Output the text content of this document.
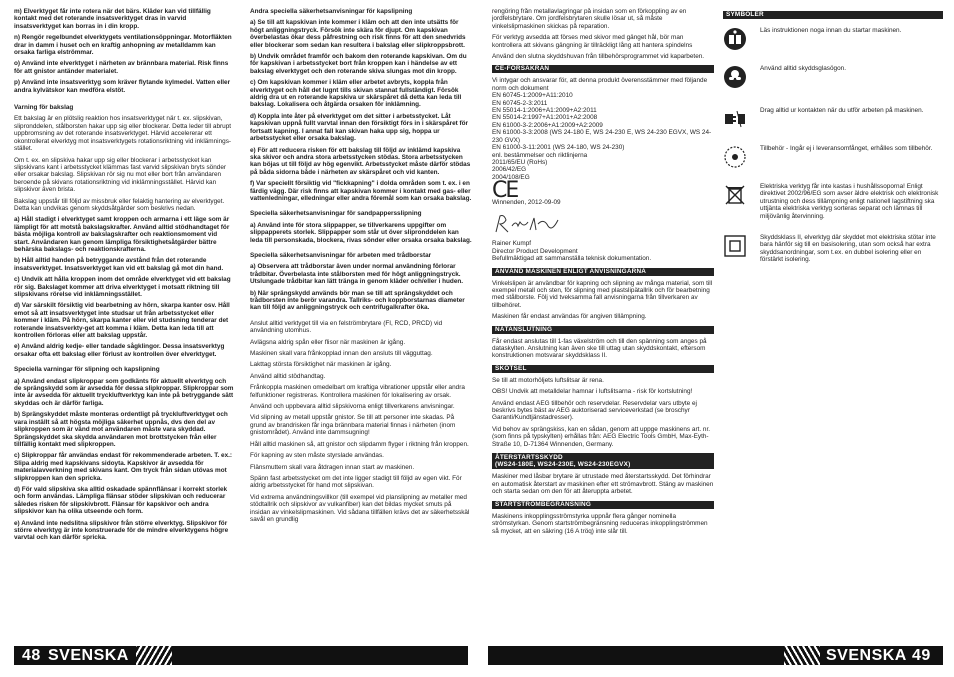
m) Elverktyget får inte rotera när det bärs. Kläder kan vid tillfällig kontakt med det roterande insatsverktyget dras in varvid insatsverktyget kan borras in i din kropp.

n) Rengör regelbundet elverktygets ventilationsöppningar. Motorfläkten drar in damm i huset och en kraftig anhopning av metalldamm kan orsaka farliga elströmmar.

o) Använd inte elverktyget i närheten av brännbara material. Risk finns för att gnistor antänder materialet.

p) Använd inte insatsverktyg som kräver flytande kylmedel. Vatten eller andra kylvätskor kan medföra elstöt.

Varning för bakslag

Ett bakslag är en plötslig reaktion hos insatsverktyget när t. ex. slipskivan, slipronddelen, stålborsten hakar upp sig eller blockerar. Detta leder till abrupt uppbromsning av det roterande insatsverktyget. Härvid accelererar ett okontrollerat elverktyg mot insatsverktygets rotationsriktning vid inklämnings-stället.

Om t. ex. en slipskiva hakar upp sig eller blockerar i arbetsstycket kan slipskivans kant i arbetsstycket klämmas fast varvid slipskivan bryts sönder eller orsakar bakslag. Slipskivan rör sig nu mot eller bort från användaren beroende på skivans rotationsriktning vid inklämningsstället. Härvid kan slipskivor även brista.

Bakslag uppstår till följd av missbruk eller felaktig hantering av elverktyget. Detta kan undvikas genom skyddsåtgärder som beskrivs nedan.

a) Håll stadigt i elverktyget samt kroppen och armarna i ett läge som är lämpligt för att motstå bakslagskrafter. Använd alltid stödhandtaget för bästa möjliga kontroll av bakslagskrafter och reaktionsmoment vid start. Användaren kan genom lämpliga försiktighetsåtgärder bättre behärska bakslags- och reaktionskrafterna.

b) Håll alltid handen på betryggande avstånd från det roterande insatsverktyget. Insatsverktyget kan vid ett bakslag gå mot din hand.

c) Undvik att hålla kroppen inom det område elverktyget vid ett bakslag rör sig. Bakslaget kommer att driva elverktyget i motsatt riktning till slipskivans rörelse vid inklämningsstället.

d) Var särskilt försiktig vid bearbetning av hörn, skarpa kanter osv. Håll emot så att insatsverktyget inte studsar ut från arbetsstycket eller kommer i kläm. På hörn, skarpa kanter eller vid studsning tenderar det roterande insatsverkty-get att komma i kläm. Detta kan leda till att kontrollen förloras eller att bakslag uppstår.

e) Använd aldrig kedje- eller tandade sågklingor. Dessa insatsverktyg orsakar ofta ett bakslag eller förlust av kontrollen över elverktyget.

Speciella varningar för slipning och kapslipning

a) Använd endast slipkroppar som godkänts för aktuellt elverktyg och de sprängskydd som är avsedda för dessa slipkroppar. Slipkroppar som inte är avsedda för aktuellt tryckluftverktyg kan inte på betryggande sätt skyddas och är därför farliga.

b) Sprängskyddet måste monteras ordentligt på tryckluftverktyget och vara inställt så att högsta möjliga säkerhet uppnås, dvs den del av slipkroppen som är vänd mot användaren måste vara skyddad. Sprängskyddet ska skydda användaren mot brottstycken från eller tillfällig kontakt med slipkroppen.

c) Slipkroppar får användas endast för rekommenderade arbeten. T. ex.: Slipa aldrig med kapskivans sidoyta. Kapskivor är avsedda för materialavverkning med skivans kant. Om tryck från sidan utövas mot slipkroppen kan den spricka.

d) För vald slipskiva ska alltid oskadade spännflänsar i korrekt storlek och form användas. Lämpliga flänsar stöder slipskivan och reducerar således risken för slipskivbrott. Flänsar för kapskivor och andra slipskivor kan ha olika utseende och form.

e) Använd inte nedslitna slipskivor från större elverktyg. Slipskivor för större elverktyg är inte konstruerade för de mindre elverktygens högre varvtal och kan därför spricka.

Andra speciella säkerhetsanvisningar för kapslipning

a) Se till att kapskivan inte kommer i kläm och att den inte utsätts för högt anliggningstryck. Försök inte skära för djupt. Om kapskivan överbelastas ökar dess påfrestning och risk finns för att den snedvrids eller blockerar som sedan kan resultera i bakslag eller slipkroppsbrott.

b) Undvik området framför och bakom den roterande kapskivan. Om du för kapskivan i arbetsstycket bort från kroppen kan i händelse av ett bakslag elverktyget och den roterande skiva slungas mot din kropp.

c) Om kapskivan kommer i kläm eller arbetet avbryts, koppla från elverktyget och håll det lugnt tills skivan stannat fullständigt. Försök aldrig dra ut en roterande kapskiva ur skärspåret då detta kan leda till bakslag. Lokalisera och åtgärda orsaken för inklämning.

d) Koppla inte åter på elverktyget om det sitter i arbetsstycket. Låt kapskivan uppnå fullt varvtal innan den försiktigt förs in i skärspåret för fortsatt kapning. I annat fall kan skivan haka upp sig, hoppa ur arbetsstycket eller orsaka bakslag.

e) För att reducera risken för ett bakslag till följd av inklämd kapskiva ska skivor och andra stora arbetsstycken stödas. Stora arbetsstycken kan böjas ut till följd av hög egenvikt. Arbetsstycket måste därför stödas på båda sidorna både i närheten av skärspåret och vid kanten.

f) Var speciellt försiktig vid "fickkapning" i dolda områden som t. ex. i en färdig vägg. Där risk finns att kapskivan kommer i kontakt med gas- eller vattenledningar, elledningar eller andra föremål som kan orsaka bakslag.

Speciella säkerhetsanvisningar för sandpappersslipning

a) Använd inte för stora slippapper, se tillverkarens uppgifter om slippapperets storlek. Slippapper som står ut över slipronddelen kan leda till personskada, blockera, rivas sönder eller orsaka orsaka bakslag.

Speciella säkerhetsanvisningar för arbeten med trådborstar

a) Observera att trådborstar även under normal användning förlorar trådbitar. Överbelasta inte stålborsten med för högt anliggningstryck. Utslungade trådbitar kan lätt tränga in genom kläder och/eller i huden.

b) När sprängskydd används bör man se till att sprängskyddet och trådborsten inte berör varandra. Tallriks- och koppborstarnas diameter kan till följd av anliggningstryck och centrifugalkrafter öka.

Anslut alltid verktyget till via en felströmbrytare (FI, RCD, PRCD) vid användning utomhus.

Avlägsna aldrig spån eller flisor när maskinen är igång.

Maskinen skall vara frånkopplad innan den ansluts till vägguttag.

Lakttag största försiktighet när maskinen är igång.

Använd alltid stödhandtag.

Frånkoppla maskinen omedelbart om kraftiga vibrationer uppstår eller andra felfunktioner registreras. Kontrollera maskinen för lokalisering av orsak.

Använd och uppbevara alltid slipskivorna enligt tillverkarens anvisningar.

Vid slipning av metall uppstår gnistor. Se till att personer inte skadas. På grund av brandrisken får inga brännbara material finnas i närheten (inom gnistområdet). Använd inte dammsugning!

Håll alltid maskinen så, att gnistor och slipdamm flyger i riktning från kroppen.

För kapning av sten måste styrslade användas.

Flänsmuttern skall vara åtdragen innan start av maskinen.

Spänn fast arbetsstycket om det inte ligger stadigt till följd av egen vikt. För aldrig arbetsstycket för hand mot slipskivan.

Vid extrema användningsvillkor (till exempel vid planslipning av metaller med stödtallrik och slipskivor av vulkanfiber) kan det bildas mycket smuts på insidan av vinkelslipmaskinen. Vid sådana tillfällen krävs det av säkerhetsskäl savål en grundlig

rengöring från metallavlagringar på insidan som en förkoppling av en jordfelsbrytare. Om jordfelsbrytaren skulle lösar ut, så måste vinkelslipmaskinen skickas på reparation.

För verktyg avsedda att förses med skivor med gänget hål, bör man kontrollera att skivans gängning är tillräckligt lång att hantera spindelns

Använd den slutna skyddshuvan från tillbehörsprogrammet vid kaparbeten.

CE-FÖRSÄKRAN

Vi intygar och ansvarar för, att denna produkt överensstämmer med följande norm och dokument

EN 60745-1:2009+A11:2010
EN 60745-2-3:2011
EN 55014-1:2006+A1:2009+A2:2011
EN 55014-2:1997+A1:2001+A2:2008
EN 61000-3-2:2006+A1:2009+A2:2009
EN 61000-3-3:2008 (WS 24-180 E, WS 24-230 E, WS 24-230 EGVX, WS 24-230 GVX)
EN 61000-3-11:2001 (WS 24-180, WS 24-230)
enl. bestämmelser och riktlinjerna
2011/65/EU (RoHs)
2006/42/EG
2004/108/EG
CE
Winnenden, 2012-09-09
Rainer Kumpf
Director Product Development

Befullmäktigad att sammanställa teknisk dokumentation.

ANVÄND MASKINEN ENLIGT ANVISNINGARNA

Vinkelslipen är användbar för kapning och slipning av många material, som till exempel metall och sten, för slipning med plastslipätallrik och för bearbetning med stålborste. Följ vid tveksamma fall anvisningarna från tillverkaren av tillbehöret.

Maskinen får endast användas för angiven tillämpning.

NÄTANSLUTNING

Får endast anslutas till 1-fas växelström och till den spänning som anges på dataskylten. Anslutning kan även ske till uttag utan skyddskontakt, eftersom konstruktionen motsvarar skyddsklass II.

SKÖTSEL

Se till att motorhöljets luftslitsar är rena.

OBS! Undvik att metalldelar hamnar i luftslitsarna - risk för kortslutning!

Använd endast AEG tillbehör och reservdelar. Reservdelar vars utbyte ej beskrivs bytes bäst av AEG auktoriserad serviceverkstad (se broschyr Garanti/Kundtjänstadresser).

Vid behov av sprängskiss, kan en sådan, genom att uppge maskinens art. nr. (som finns på typskylten) erhållas från: AEG Electric Tools GmbH, Max-Eyth-Straße 10, D-71364 Winnenden, Germany.

ÅTERSTARTSSKYDD
(WS24-180E, WS24-230E, WS24-230EGVX)

Maskiner med låsbar brytare är utrustade med återstartsskydd. Det förhindrar en automatisk återstart av maskinen efter ett strömavbrott. Stäng av maskinen och starta sedan om den för att återuppta arbetet.

STARTSTRÖMBEGRÄNSNING

Maskinens inkopplingsströmstyrka uppnår flera gånger nominella strömstyrkan. Genom startströmbegränsning reduceras inkopplingströmmen så mycket, att en säkring (16 A tröq) inte slår till.

SYMBOLER
Läs instruktionen noga innan du startar maskinen.
Använd alltid skyddsglasögon.
Drag alltid ur kontakten när du utför arbeten på maskinen.
Tillbehör - Ingår ej i leveransomfånget, erhålles som tillbehör.
Elektriska verktyg får inte kastas i hushållssoporna! Enligt direktivet 2002/96/EG som avser äldre elektrisk och elektronisk utrustning och dess tillämpning enligt nationell lagstiftning ska uttjänta elektriska verktyg sorteras separat och lämnas till miljövänlig återvinning.
Skyddsklass II, elverktyg där skyddet mot elektriska stötar inte bara hänför sig till en basisolering, utan som också har extra skyddsanordningar, som t.ex. en dubbel isolering eller en förstärkt isolering.
48 SVENSKA	SVENSKA 49
